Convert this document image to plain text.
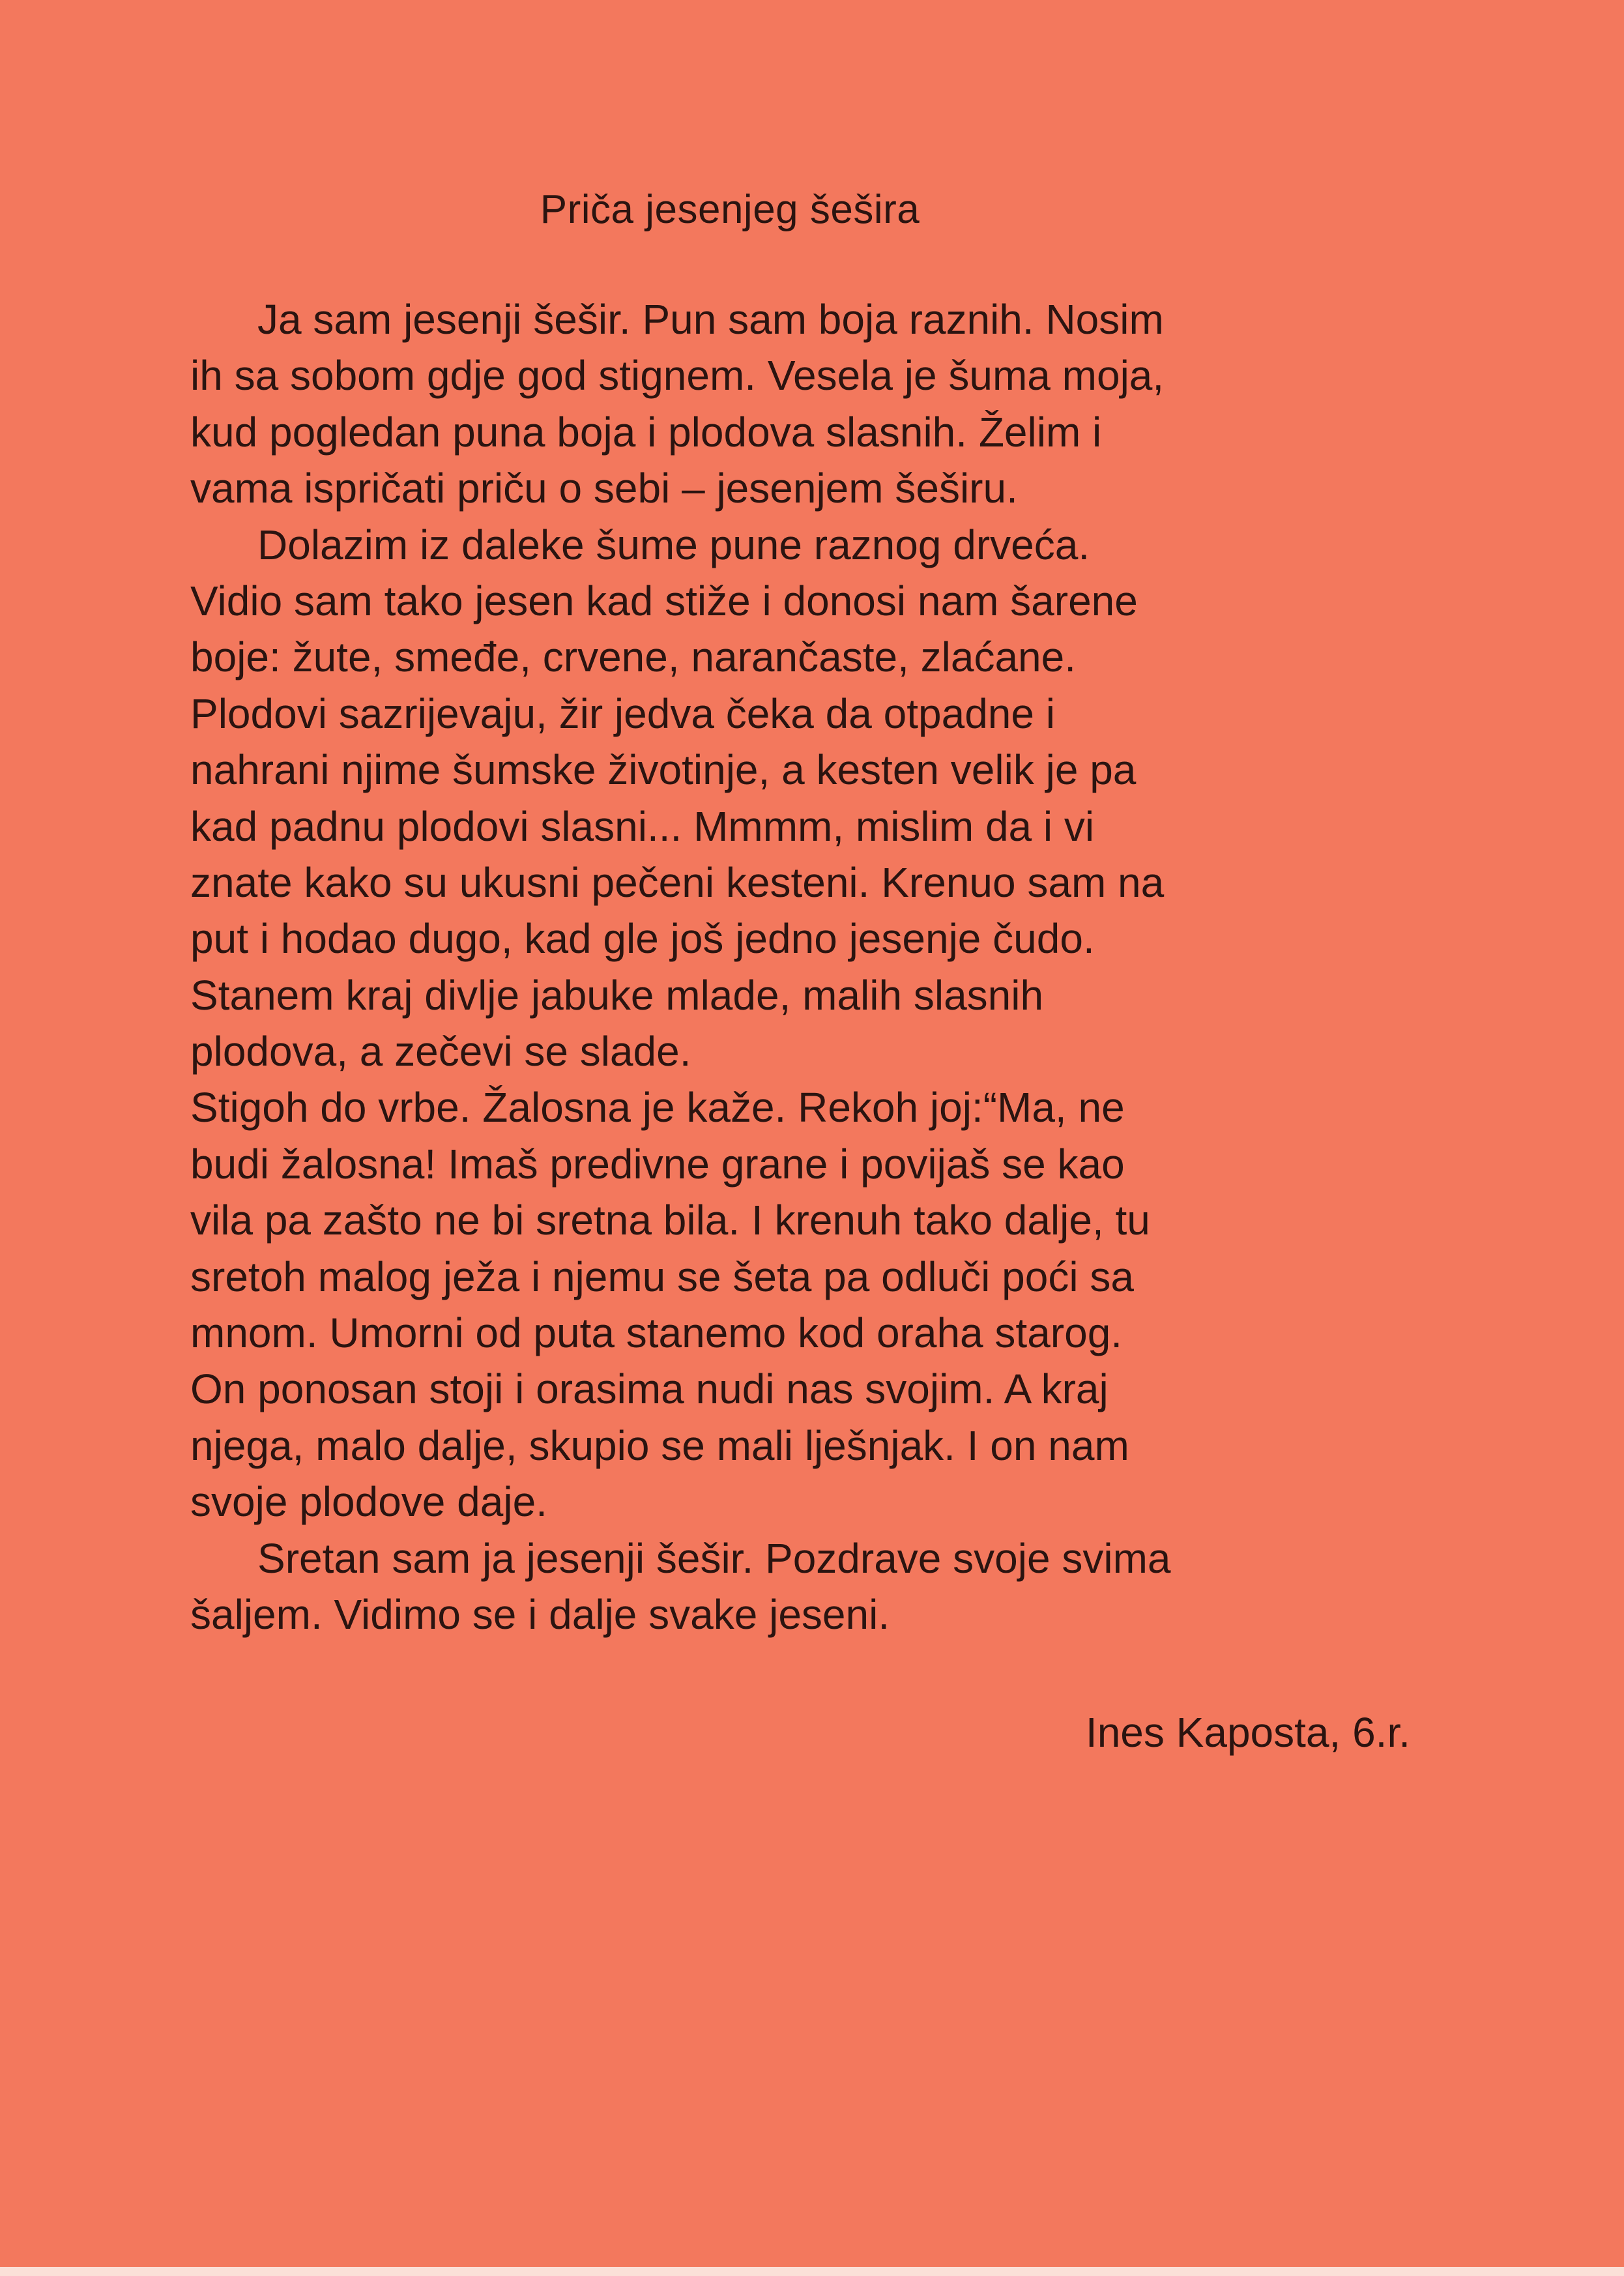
Priča jesenjeg šešira
Ja sam jesenji šešir. Pun sam boja raznih. Nosim
ih sa sobom gdje god stignem. Vesela je šuma moja,
kud pogledan puna boja i plodova slasnih. Želim i
vama ispričati priču o sebi – jesenjem šeširu.
Dolazim iz daleke šume pune raznog drveća.
Vidio sam tako jesen kad stiže i donosi nam šarene
boje: žute, smeđe, crvene, narančaste, zlaćane.
Plodovi sazrijevaju, žir jedva čeka da otpadne i
nahrani njime šumske životinje, a kesten velik je pa
kad padnu plodovi slasni... Mmmm, mislim da i vi
znate kako su ukusni pečeni kesteni. Krenuo sam na
put i hodao dugo, kad gle još jedno jesenje čudo.
Stanem kraj divlje jabuke mlade, malih slasnih
plodova, a zečevi se slade.
Stigoh do vrbe. Žalosna je kaže. Rekoh joj:“Ma, ne
budi žalosna! Imaš predivne grane i povijaš se kao
vila pa zašto ne bi sretna bila. I krenuh tako dalje, tu
sretoh malog ježa i njemu se šeta pa odluči poći sa
mnom. Umorni od puta stanemo kod oraha starog.
On ponosan stoji i orasima nudi nas svojim. A kraj
njega, malo dalje, skupio se mali lješnjak. I on nam
svoje plodove daje.
Sretan sam ja jesenji šešir. Pozdrave svoje svima
šaljem. Vidimo se i dalje svake jeseni.
Ines Kaposta, 6.r.
